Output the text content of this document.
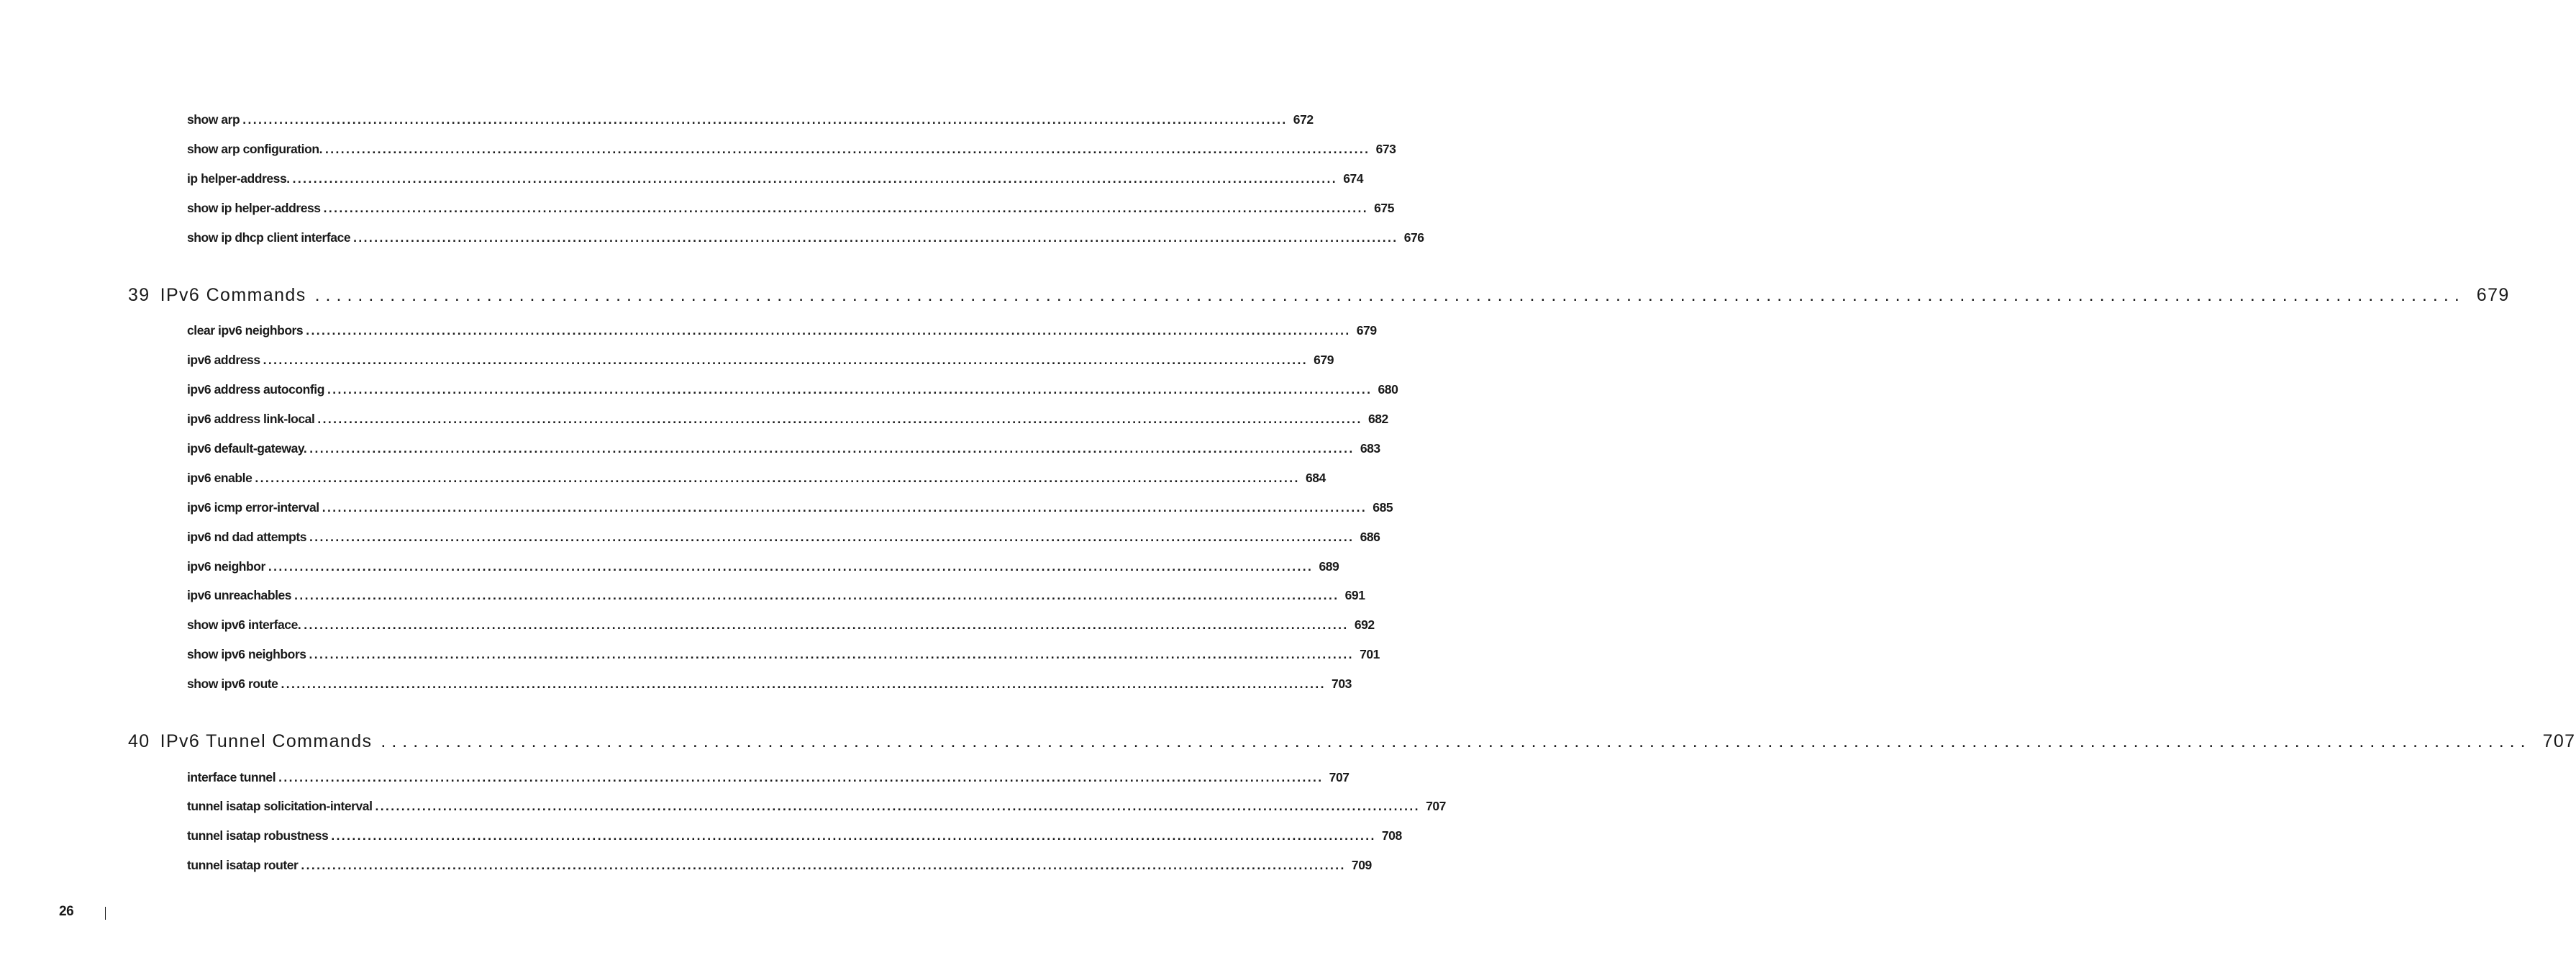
show arp ........................................................................................................................................................................................................ 672
show arp configuration. ........................................................................................................................................................................................................ 673
ip helper-address. ........................................................................................................................................................................................................ 674
show ip helper-address ........................................................................................................................................................................................................ 675
show ip dhcp client interface ........................................................................................................................................................................................................ 676
39 IPv6 Commands ........................................................................................................................................................................................................ 679
clear ipv6 neighbors ........................................................................................................................................................................................................ 679
ipv6 address ........................................................................................................................................................................................................ 679
ipv6 address autoconfig ........................................................................................................................................................................................................ 680
ipv6 address link-local ........................................................................................................................................................................................................ 682
ipv6 default-gateway. ........................................................................................................................................................................................................ 683
ipv6 enable ........................................................................................................................................................................................................ 684
ipv6 icmp error-interval ........................................................................................................................................................................................................ 685
ipv6 nd dad attempts ........................................................................................................................................................................................................ 686
ipv6 neighbor ........................................................................................................................................................................................................ 689
ipv6 unreachables ........................................................................................................................................................................................................ 691
show ipv6 interface. ........................................................................................................................................................................................................ 692
show ipv6 neighbors ........................................................................................................................................................................................................ 701
show ipv6 route ........................................................................................................................................................................................................ 703
40 IPv6 Tunnel Commands ........................................................................................................................................................................................................ 707
interface tunnel ........................................................................................................................................................................................................ 707
tunnel isatap solicitation-interval ........................................................................................................................................................................................................ 707
tunnel isatap robustness ........................................................................................................................................................................................................ 708
tunnel isatap router ........................................................................................................................................................................................................ 709
26
